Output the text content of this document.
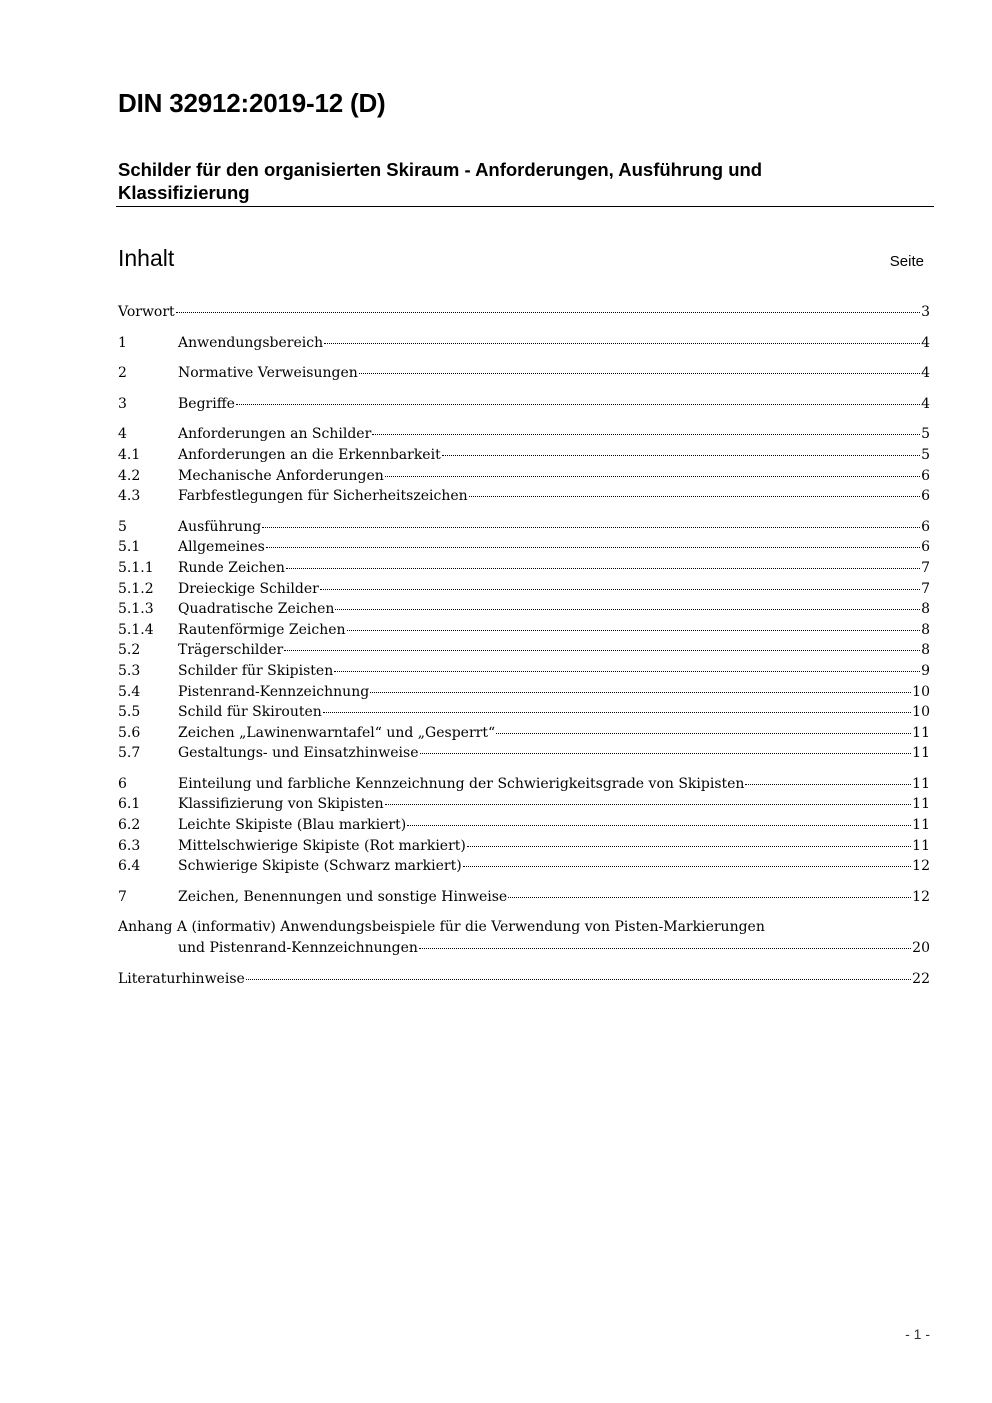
DIN 32912:2019-12 (D)
Schilder für den organisierten Skiraum - Anforderungen, Ausführung und Klassifizierung
Inhalt	Seite
Vorwort	3
1	Anwendungsbereich	4
2	Normative Verweisungen	4
3	Begriffe	4
4	Anforderungen an Schilder	5
4.1	Anforderungen an die Erkennbarkeit	5
4.2	Mechanische Anforderungen	6
4.3	Farbfestlegungen für Sicherheitszeichen	6
5	Ausführung	6
5.1	Allgemeines	6
5.1.1	Runde Zeichen	7
5.1.2	Dreieckige Schilder	7
5.1.3	Quadratische Zeichen	8
5.1.4	Rautenförmige Zeichen	8
5.2	Trägerschilder	8
5.3	Schilder für Skipisten	9
5.4	Pistenrand-Kennzeichnung	10
5.5	Schild für Skirouten	10
5.6	Zeichen „Lawinenwarntafel“ und „Gesperrt“	11
5.7	Gestaltungs- und Einsatzhinweise	11
6	Einteilung und farbliche Kennzeichnung der Schwierigkeitsgrade von Skipisten	11
6.1	Klassifizierung von Skipisten	11
6.2	Leichte Skipiste (Blau markiert)	11
6.3	Mittelschwierige Skipiste (Rot markiert)	11
6.4	Schwierige Skipiste (Schwarz markiert)	12
7	Zeichen, Benennungen und sonstige Hinweise	12
Anhang A (informativ) Anwendungsbeispiele für die Verwendung von Pisten-Markierungen
und Pistenrand-Kennzeichnungen	20
Literaturhinweise	22
- 1 -
